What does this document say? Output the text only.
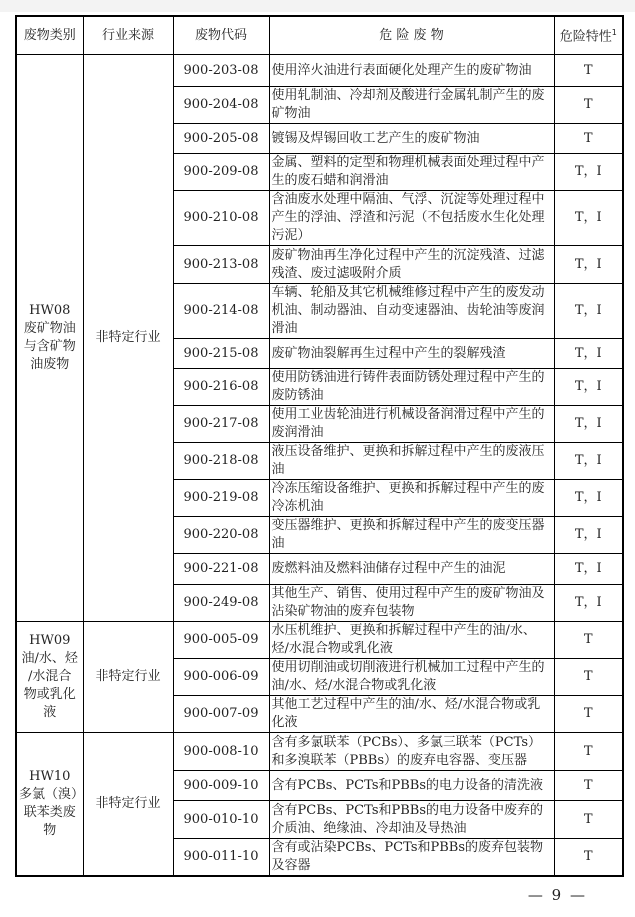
废物类别	行业来源	废物代码	危 险 废 物	危险特性$^1$

HW08
废矿物油
与含矿物
油废物	非特定行业	900-203-08	使用淬火油进行表面硬化处理产生的废矿物油	T
		900-204-08	使用轧制油、冷却剂及酸进行金属轧制产生的废矿物油	T
		900-205-08	镀锡及焊锡回收工艺产生的废矿物油	T
		900-209-08	金属、塑料的定型和物理机械表面处理过程中产生的废石蜡和润滑油	T，I
		900-210-08	含油废水处理中隔油、气浮、沉淀等处理过程中产生的浮油、浮渣和污泥（不包括废水生化处理污泥）	T，I
		900-213-08	废矿物油再生净化过程中产生的沉淀残渣、过滤残渣、废过滤吸附介质	T，I
		900-214-08	车辆、轮船及其它机械维修过程中产生的废发动机油、制动器油、自动变速器油、齿轮油等废润滑油	T，I
		900-215-08	废矿物油裂解再生过程中产生的裂解残渣	T，I
		900-216-08	使用防锈油进行铸件表面防锈处理过程中产生的废防锈油	T，I
		900-217-08	使用工业齿轮油进行机械设备润滑过程中产生的废润滑油	T，I
		900-218-08	液压设备维护、更换和拆解过程中产生的废液压油	T，I
		900-219-08	冷冻压缩设备维护、更换和拆解过程中产生的废冷冻机油	T，I
		900-220-08	变压器维护、更换和拆解过程中产生的废变压器油	T，I
		900-221-08	废燃料油及燃料油储存过程中产生的油泥	T，I
		900-249-08	其他生产、销售、使用过程中产生的废矿物油及沾染矿物油的废弃包装物	T，I

HW09
油/水、烃
/水混合
物或乳化
液	非特定行业	900-005-09	水压机维护、更换和拆解过程中产生的油/水、烃/水混合物或乳化液	T
		900-006-09	使用切削油或切削液进行机械加工过程中产生的油/水、烃/水混合物或乳化液	T
		900-007-09	其他工艺过程中产生的油/水、烃/水混合物或乳化液	T

HW10
多氯（溴）
联苯类废
物	非特定行业	900-008-10	含有多氯联苯（PCBs）、多氯三联苯（PCTs）和多溴联苯（PBBs）的废弃电容器、变压器	T
		900-009-10	含有PCBs、PCTs和PBBs的电力设备的清洗液	T
		900-010-10	含有PCBs、PCTs和PBBs的电力设备中废弃的介质油、绝缘油、冷却油及导热油	T
		900-011-10	含有或沾染PCBs、PCTs和PBBs的废弃包装物及容器	T
— 9 —
